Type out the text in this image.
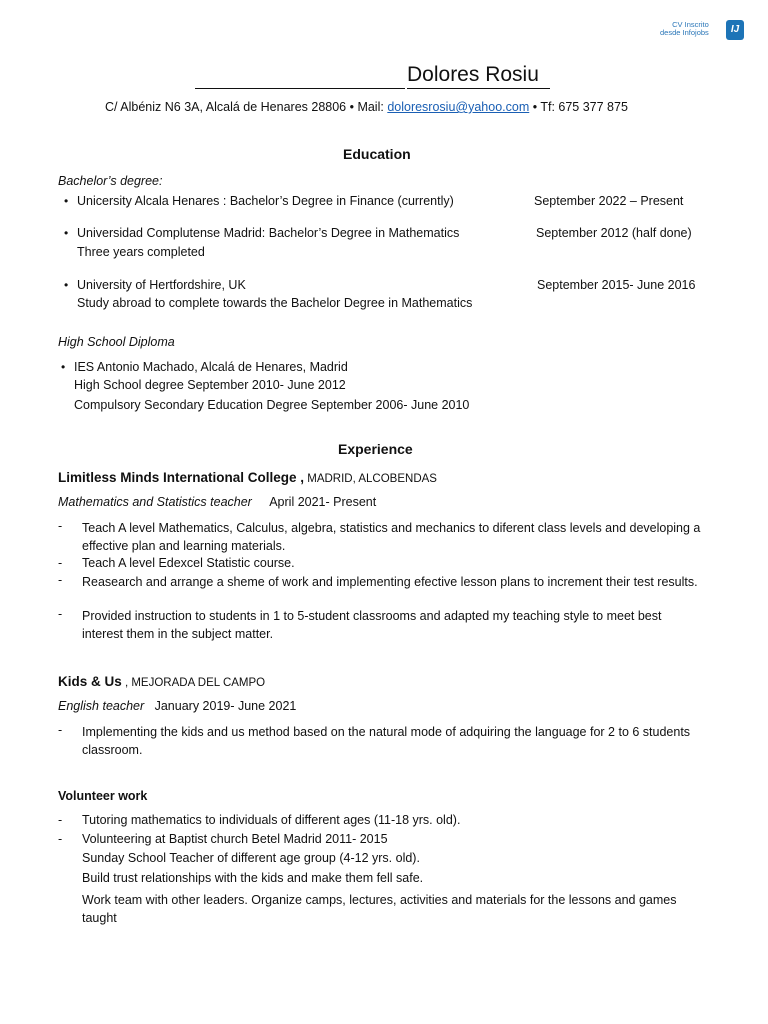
CV Inscrito
desde Infojobs	IJ
Dolores Rosiu
C/ Albéniz N6 3A, Alcalá de Henares 28806 • Mail: doloresrosiu@yahoo.com • Tf: 675 377 875
Education
Bachelor’s degree:
• Unicersity Alcala Henares : Bachelor’s Degree in Finance (currently)	September 2022 – Present
• Universidad Complutense Madrid: Bachelor’s Degree in Mathematics	September 2012 (half done)
Three years completed
• University of Hertfordshire, UK	September 2015- June 2016
Study abroad to complete towards the Bachelor Degree in Mathematics
High School Diploma
• IES Antonio Machado, Alcalá de Henares, Madrid
High School degree September 2010- June 2012
Compulsory Secondary Education Degree September 2006- June 2010
Experience
Limitless Minds International College , MADRID, ALCOBENDAS
Mathematics and Statistics teacher April 2021- Present
- Teach A level Mathematics, Calculus, algebra, statistics and mechanics to diferent class levels and developing a effective plan and learning materials.
- Teach A level Edexcel Statistic course.
- Reasearch and arrange a sheme of work and implementing efective lesson plans to increment their test results.
- Provided instruction to students in 1 to 5-student classrooms and adapted my teaching style to meet best interest them in the subject matter.
Kids & Us , MEJORADA DEL CAMPO
English teacher January 2019- June 2021
- Implementing the kids and us method based on the natural mode of adquiring the language for 2 to 6 students classroom.
Volunteer work
- Tutoring mathematics to individuals of different ages (11-18 yrs. old).
- Volunteering at Baptist church Betel Madrid 2011- 2015
Sunday School Teacher of different age group (4-12 yrs. old).
Build trust relationships with the kids and make them fell safe.
Work team with other leaders. Organize camps, lectures, activities and materials for the lessons and games taught
